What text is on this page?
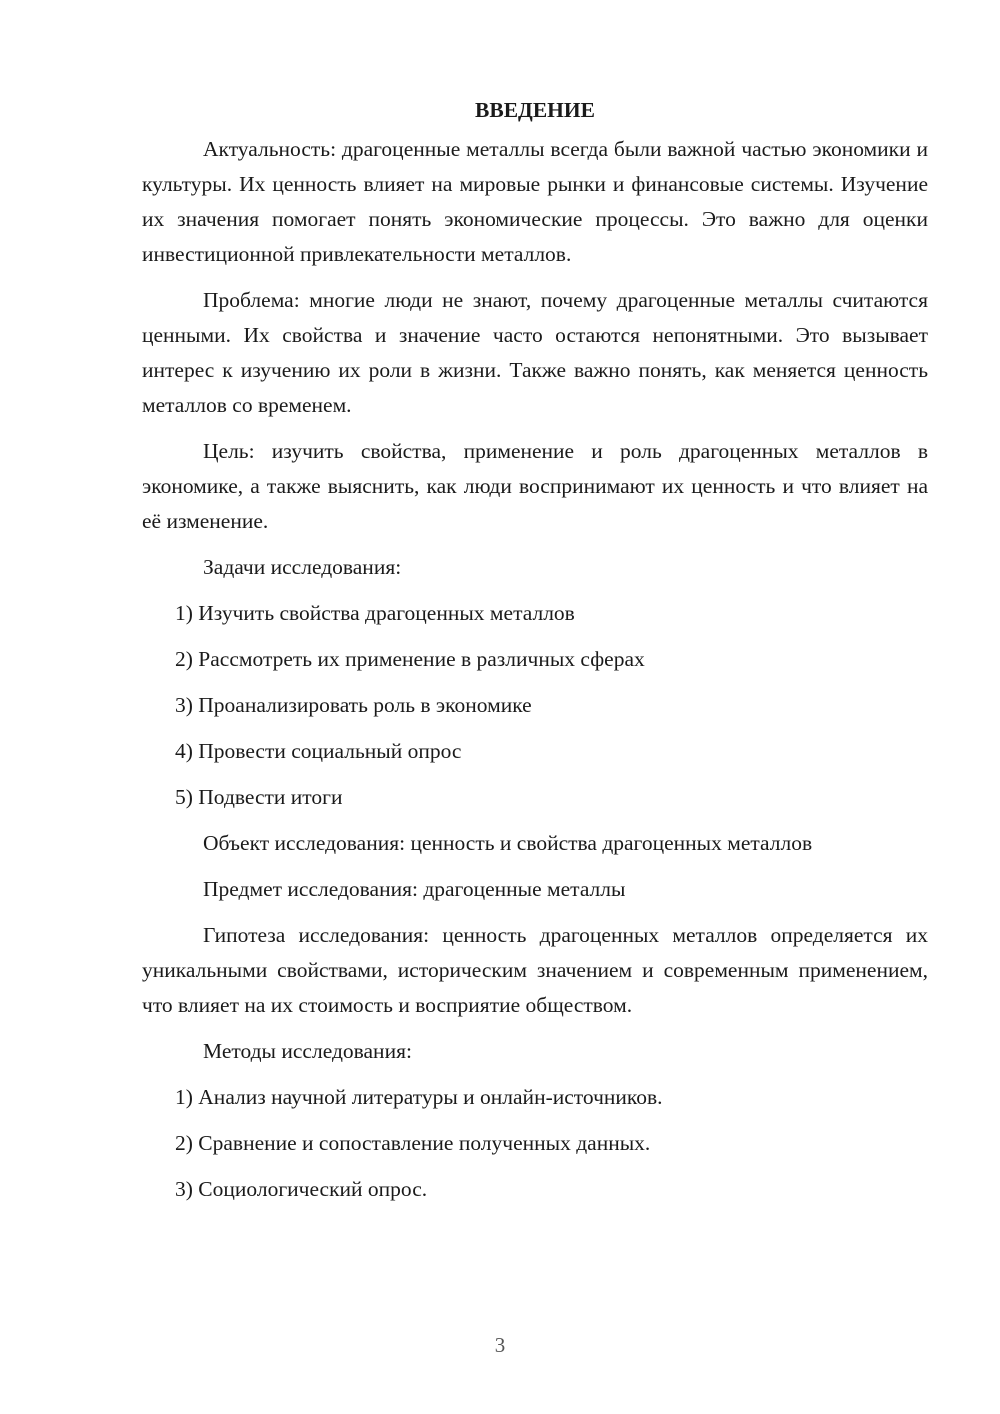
ВВЕДЕНИЕ

Актуальность: драгоценные металлы всегда были важной частью экономики и культуры. Их ценность влияет на мировые рынки и финансовые системы. Изучение их значения помогает понять экономические процессы. Это важно для оценки инвестиционной привлекательности металлов.

Проблема: многие люди не знают, почему драгоценные металлы считаются ценными. Их свойства и значение часто остаются непонятными. Это вызывает интерес к изучению их роли в жизни. Также важно понять, как меняется ценность металлов со временем.

Цель: изучить свойства, применение и роль драгоценных металлов в экономике, а также выяснить, как люди воспринимают их ценность и что влияет на её изменение.

Задачи исследования:
1) Изучить свойства драгоценных металлов
2) Рассмотреть их применение в различных сферах
3) Проанализировать роль в экономике
4) Провести социальный опрос
5) Подвести итоги
Объект исследования: ценность и свойства драгоценных металлов
Предмет исследования: драгоценные металлы

Гипотеза исследования: ценность драгоценных металлов определяется их уникальными свойствами, историческим значением и современным применением, что влияет на их стоимость и восприятие обществом.

Методы исследования:
1) Анализ научной литературы и онлайн-источников.
2) Сравнение и сопоставление полученных данных.
3) Социологический опрос.
3
